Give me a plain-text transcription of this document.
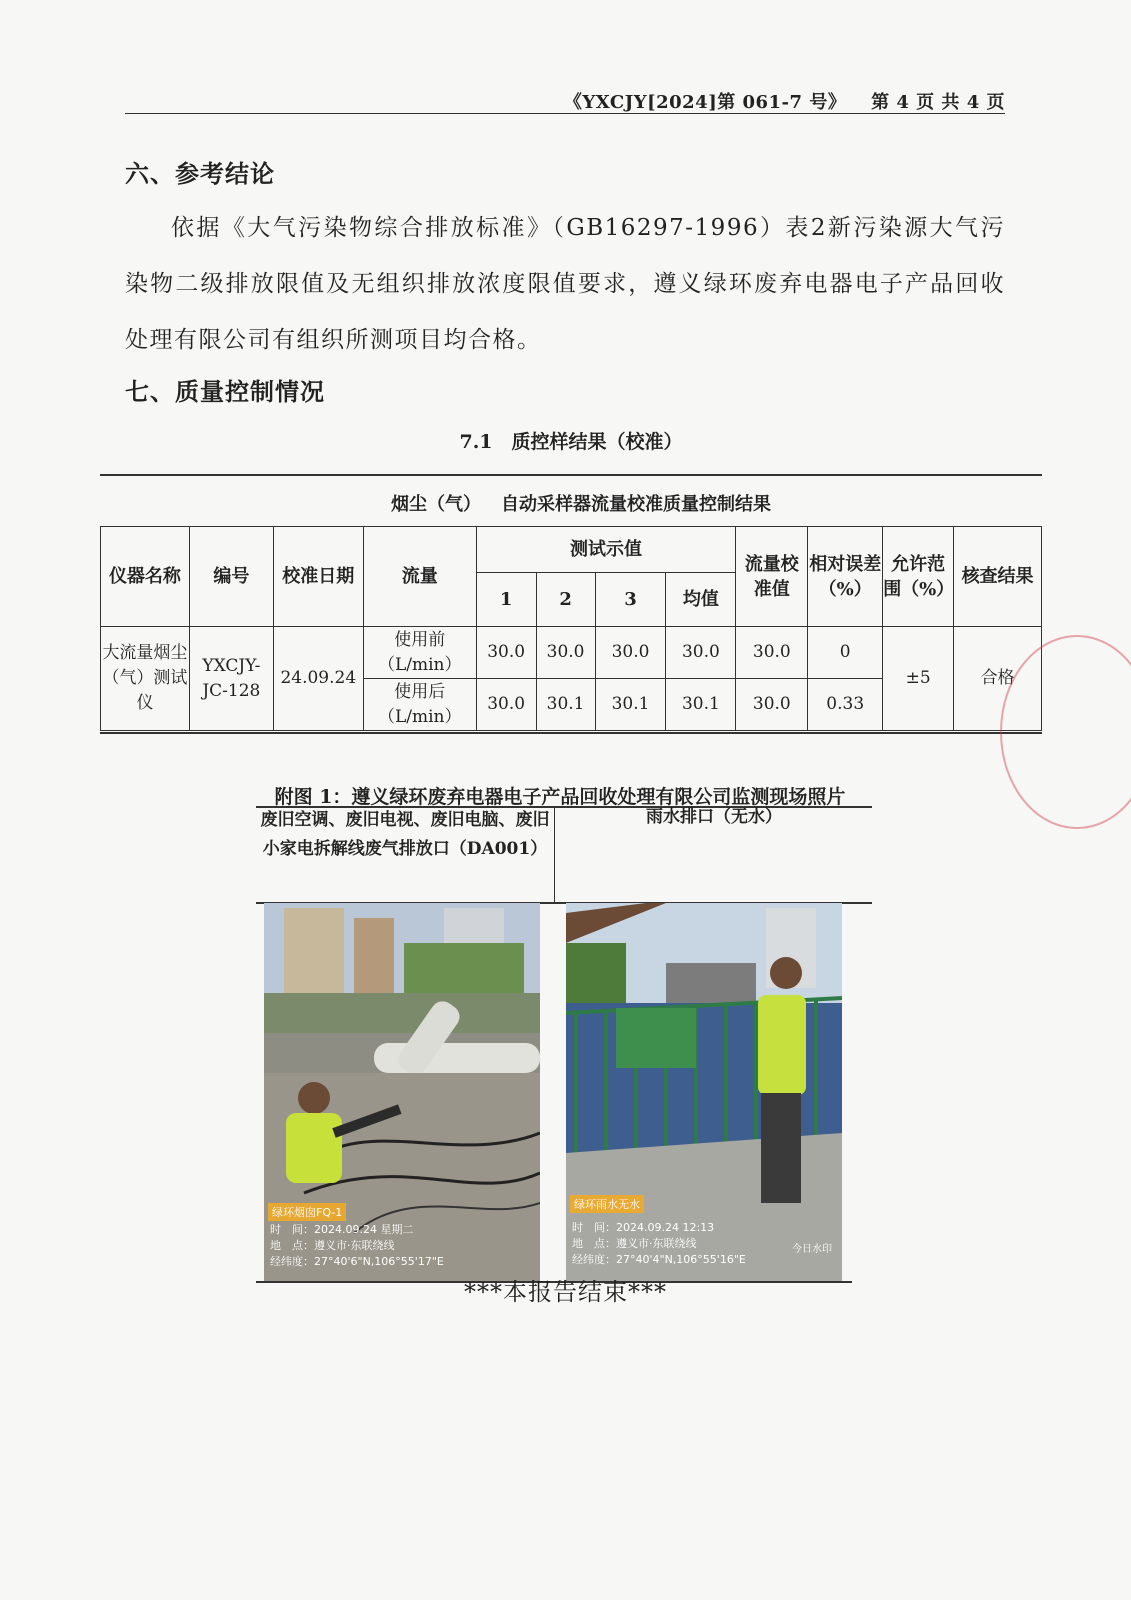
《YXCJY[2024]第 061-7 号》 第 4 页 共 4 页
六、参考结论
依据《大气污染物综合排放标准》（GB16297-1996）表2新污染源大气污染物二级排放限值及无组织排放浓度限值要求，遵义绿环废弃电器电子产品回收处理有限公司有组织所测项目均合格。
七、质量控制情况
7.1　质控样结果（校准）
烟尘（气） 自动采样器流量校准质量控制结果
仪器名称	编号	校准日期	流量	测试示值				流量校准值	相对误差（%）	允许范围（%）	核查结果
				1	2	3	均值				
大流量烟尘（气）测试仪	YXCJY-JC-128	24.09.24	使用前（L/min）	30.0	30.0	30.0	30.0	30.0	0	±5	合格
			使用后（L/min）	30.0	30.1	30.1	30.1	30.0	0.33		
附图 1：遵义绿环废弃电器电子产品回收处理有限公司监测现场照片
废旧空调、废旧电视、废旧电脑、废旧小家电拆解线废气排放口（DA001）
雨水排口（无水）
绿环烟囱FQ-1
时　间：2024.09.24 星期二
地　点：遵义市·东联绕线
经纬度：27°40'6"N,106°55'17"E
绿环雨水无水
时　间：2024.09.24 12:13
地　点：遵义市·东联绕线
经纬度：27°40'4"N,106°55'16"E
今日水印
***本报告结束***
